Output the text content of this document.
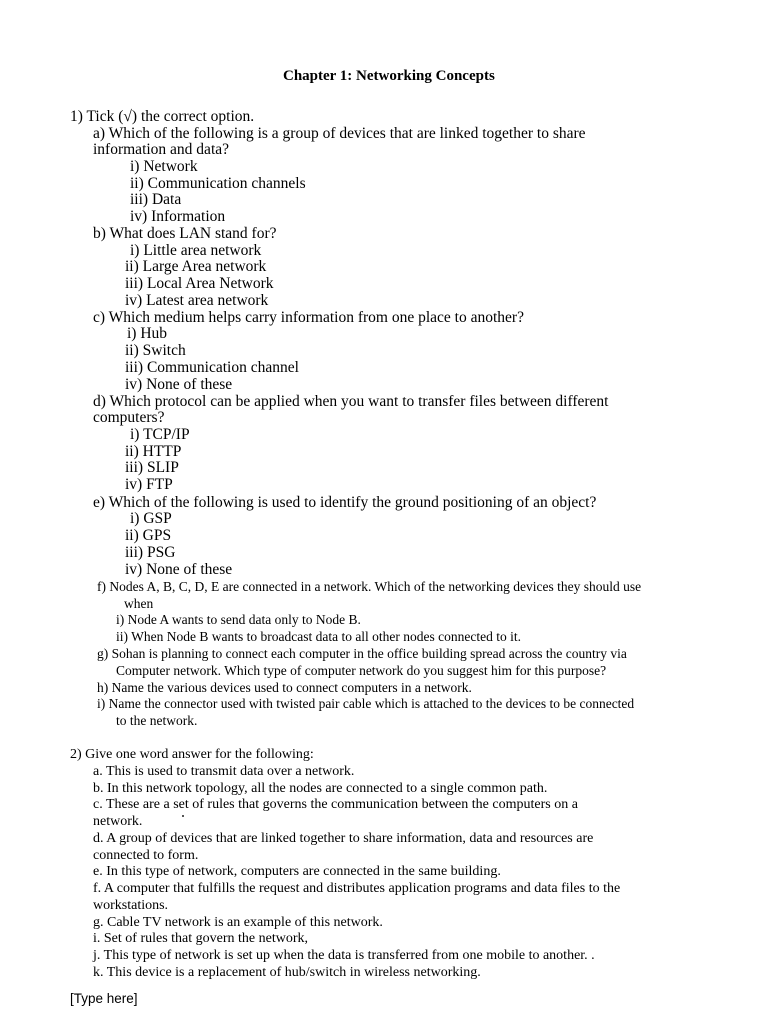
Chapter 1: Networking Concepts
1) Tick (√) the correct option.
a) Which of the following is a group of devices that are linked together to share
information and data?
i) Network
ii) Communication channels
iii) Data
iv) Information
b) What does LAN stand for?
i) Little area network
ii) Large Area network
iii) Local Area Network
iv) Latest area network
c) Which medium helps carry information from one place to another?
i) Hub
ii) Switch
iii) Communication channel
iv) None of these
d) Which protocol can be applied when you want to transfer files between different
computers?
i) TCP/IP
ii) HTTP
iii) SLIP
iv) FTP
e) Which of the following is used to identify the ground positioning of an object?
i) GSP
ii) GPS
iii) PSG
iv) None of these
f) Nodes A, B, C, D, E are connected in a network. Which of the networking devices they should use
when
i) Node A wants to send data only to Node B.
ii) When Node B wants to broadcast data to all other nodes connected to it.
g) Sohan is planning to connect each computer in the office building spread across the country via
Computer network. Which type of computer network do you suggest him for this purpose?
h) Name the various devices used to connect computers in a network.
i) Name the connector used with twisted pair cable which is attached to the devices to be connected
to the network.
2) Give one word answer for the following:
a. This is used to transmit data over a network.
b. In this network topology, all the nodes are connected to a single common path.
c. These are a set of rules that governs the communication between the computers on a
network.
d. A group of devices that are linked together to share information, data and resources are
connected to form.
e. In this type of network, computers are connected in the same building.
f. A computer that fulfills the request and distributes application programs and data files to the
workstations.
g. Cable TV network is an example of this network.
i. Set of rules that govern the network,
j. This type of network is set up when the data is transferred from one mobile to another. .
k. This device is a replacement of hub/switch in wireless networking.
[Type here]
